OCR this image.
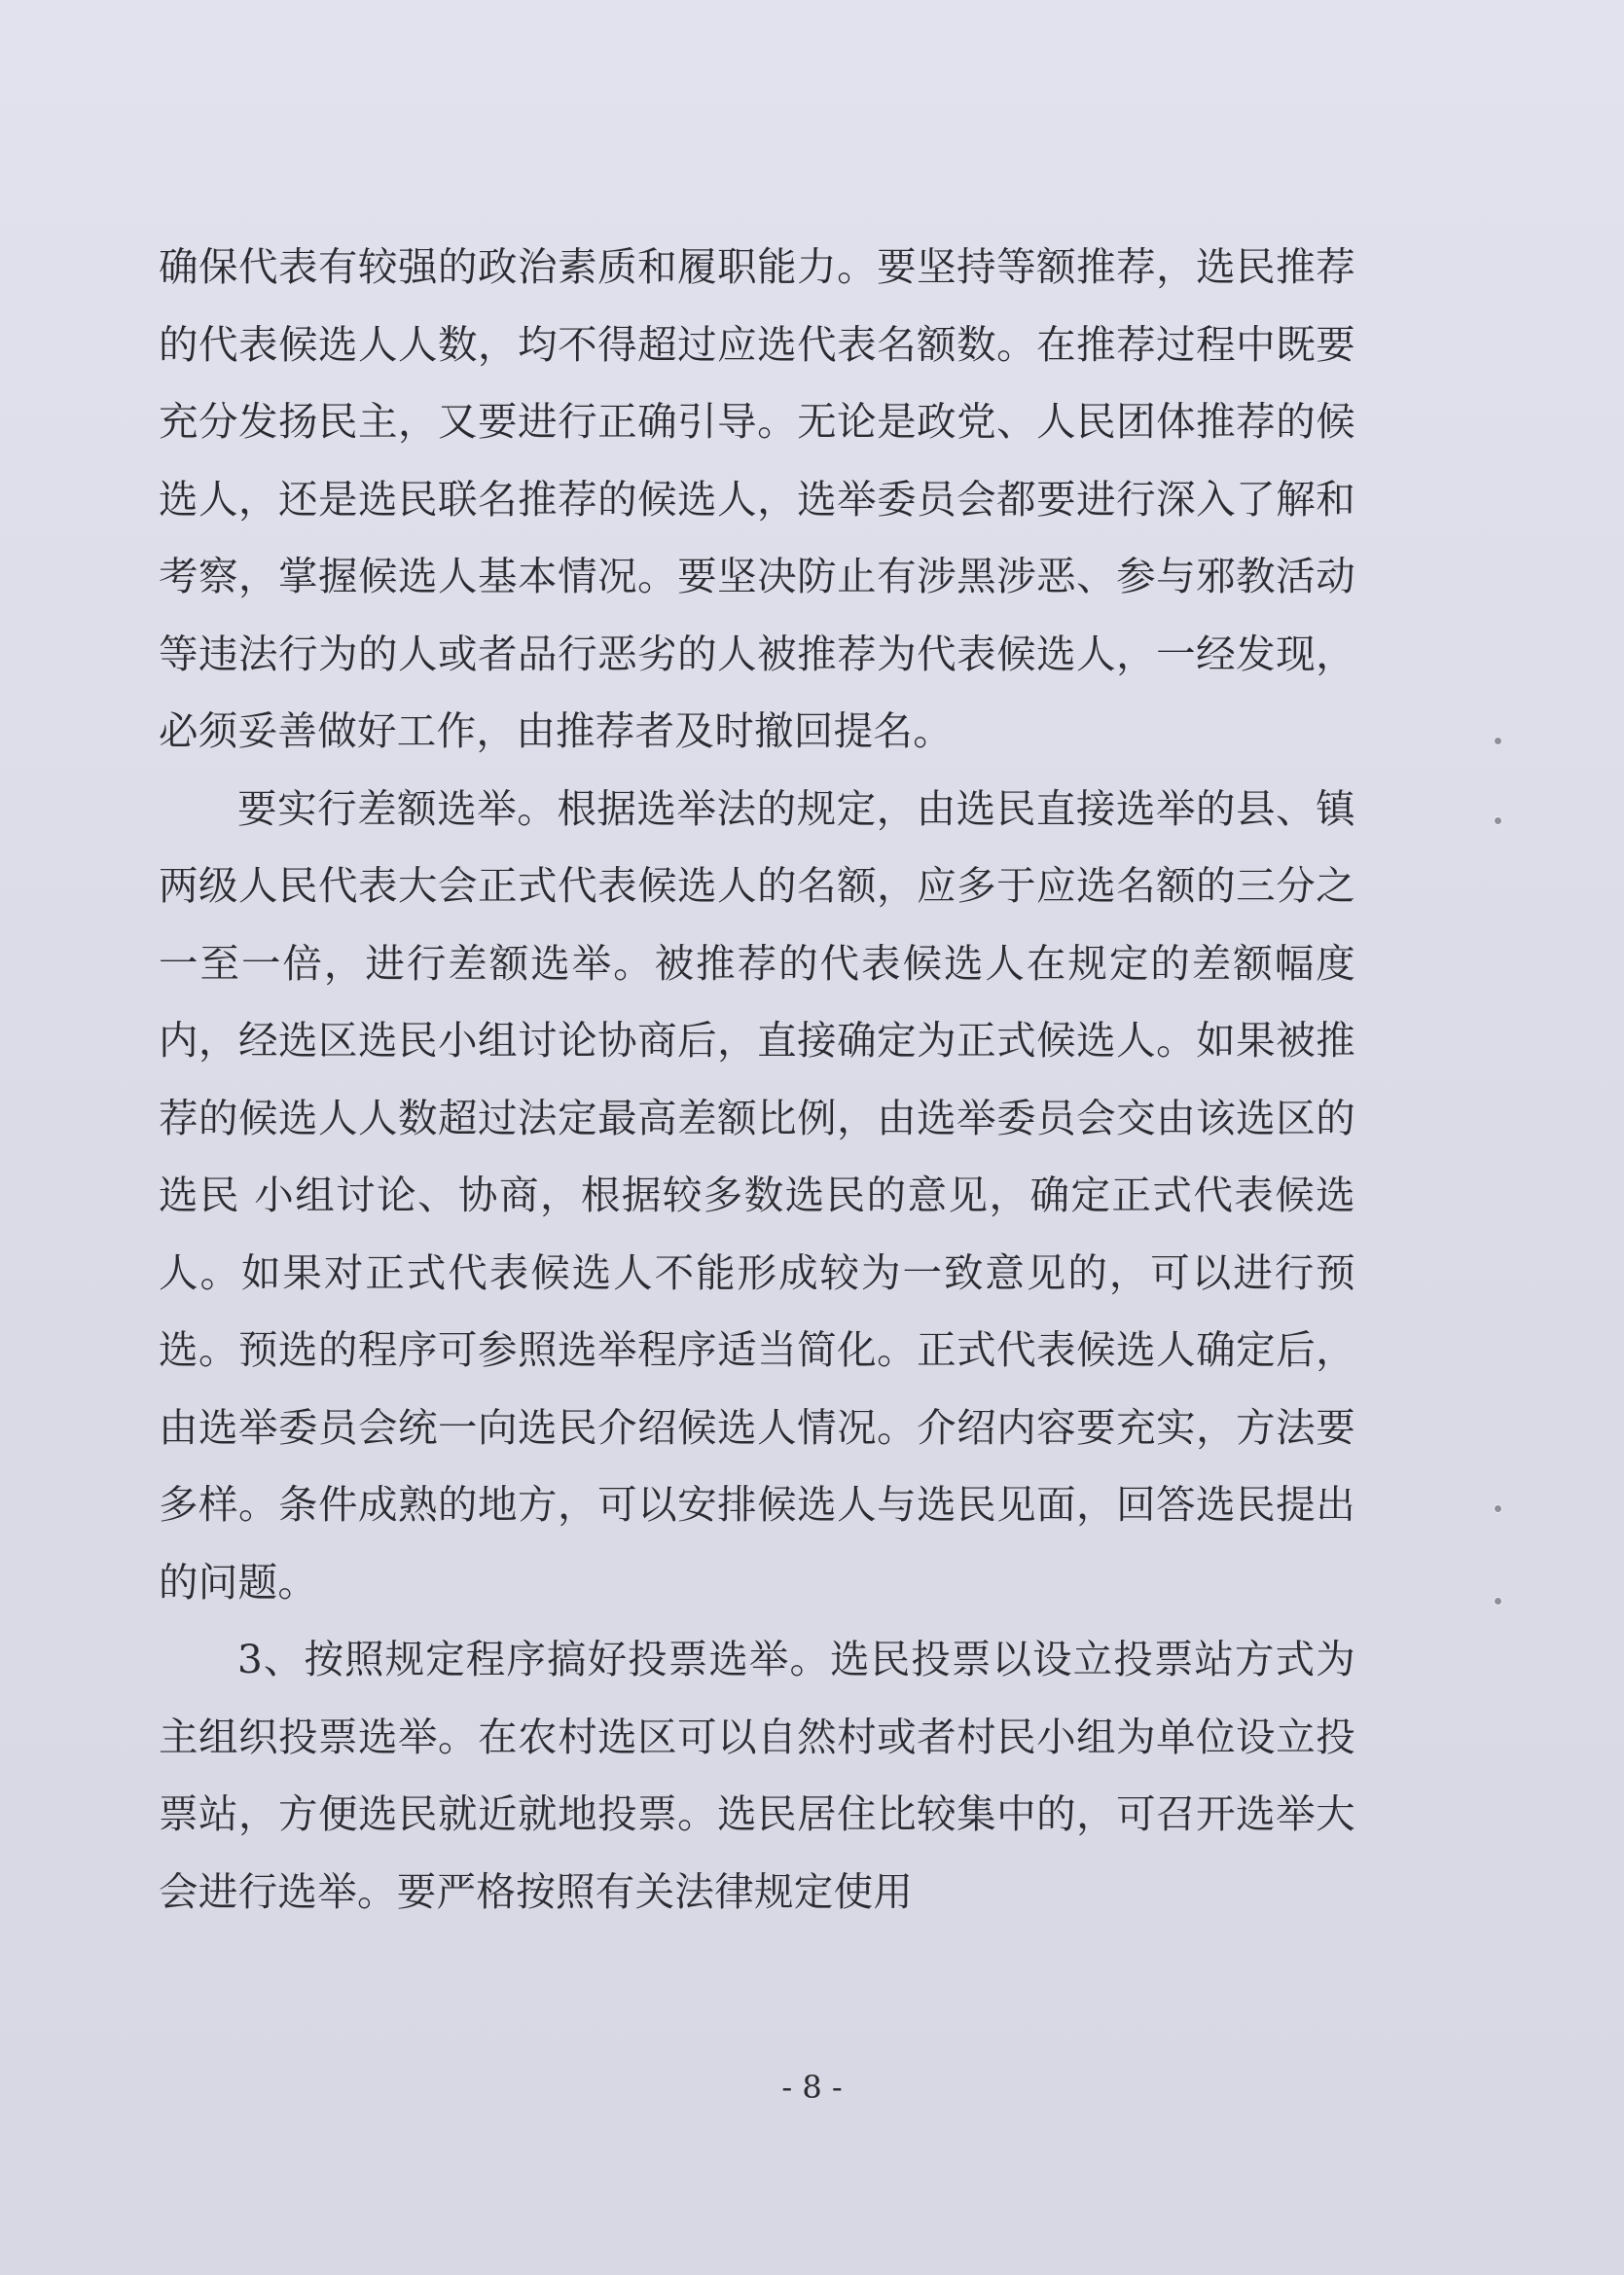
确保代表有较强的政治素质和履职能力。要坚持等额推荐，选民推荐的代表候选人人数，均不得超过应选代表名额数。在推荐过程中既要充分发扬民主，又要进行正确引导。无论是政党、人民团体推荐的候选人，还是选民联名推荐的候选人，选举委员会都要进行深入了解和考察，掌握候选人基本情况。要坚决防止有涉黑涉恶、参与邪教活动等违法行为的人或者品行恶劣的人被推荐为代表候选人，一经发现，必须妥善做好工作，由推荐者及时撤回提名。

要实行差额选举。根据选举法的规定，由选民直接选举的县、镇两级人民代表大会正式代表候选人的名额，应多于应选名额的三分之一至一倍，进行差额选举。被推荐的代表候选人在规定的差额幅度内，经选区选民小组讨论协商后，直接确定为正式候选人。如果被推荐的候选人人数超过法定最高差额比例，由选举委员会交由该选区的选民 小组讨论、协商，根据较多数选民的意见，确定正式代表候选人。如果对正式代表候选人不能形成较为一致意见的，可以进行预选。预选的程序可参照选举程序适当简化。正式代表候选人确定后，由选举委员会统一向选民介绍候选人情况。介绍内容要充实，方法要多样。条件成熟的地方，可以安排候选人与选民见面，回答选民提出的问题。

3、按照规定程序搞好投票选举。选民投票以设立投票站方式为主组织投票选举。在农村选区可以自然村或者村民小组为单位设立投票站，方便选民就近就地投票。选民居住比较集中的，可召开选举大会进行选举。要严格按照有关法律规定使用

- 8 -
